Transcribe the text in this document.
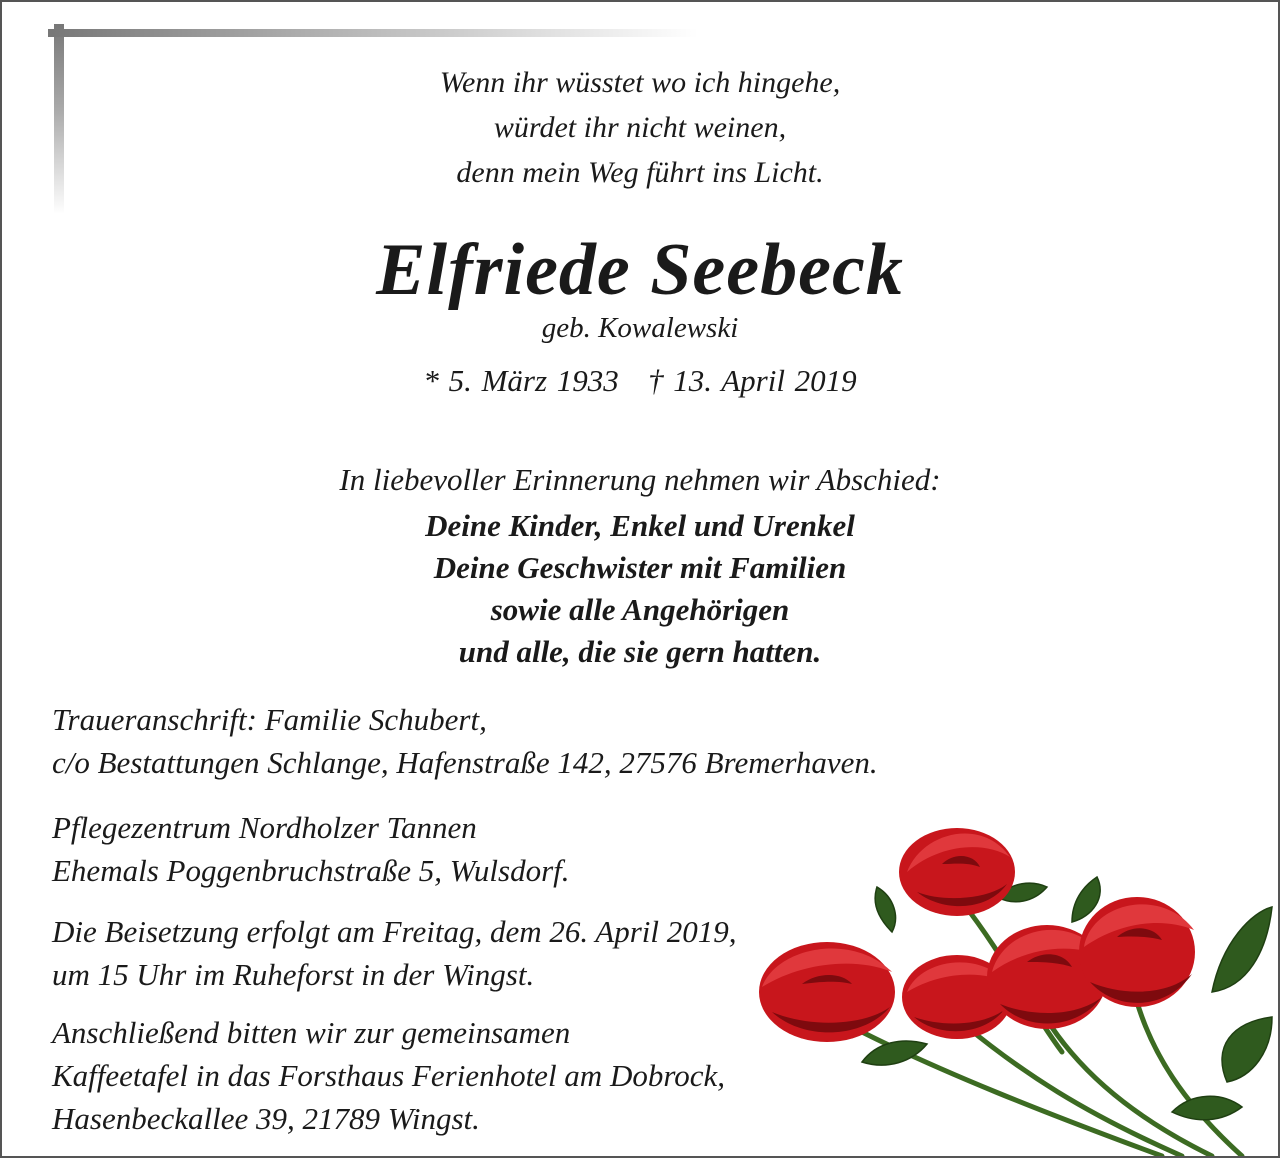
Wenn ihr wüsstet wo ich hingehe,
würdet ihr nicht weinen,
denn mein Weg führt ins Licht.
Elfriede Seebeck
geb. Kowalewski
* 5. März 1933   † 13. April 2019
In liebevoller Erinnerung nehmen wir Abschied:
Deine Kinder, Enkel und Urenkel
Deine Geschwister mit Familien
sowie alle Angehörigen
und alle, die sie gern hatten.
Traueranschrift: Familie Schubert,
c/o Bestattungen Schlange, Hafenstraße 142, 27576 Bremerhaven.
Pflegezentrum Nordholzer Tannen
Ehemals Poggenbruchstraße 5, Wulsdorf.
Die Beisetzung erfolgt am Freitag, dem 26. April 2019,
um 15 Uhr im Ruheforst in der Wingst.
Anschließend bitten wir zur gemeinsamen
Kaffeetafel in das Forsthaus Ferienhotel am Dobrock,
Hasenbeckallee 39, 21789 Wingst.
